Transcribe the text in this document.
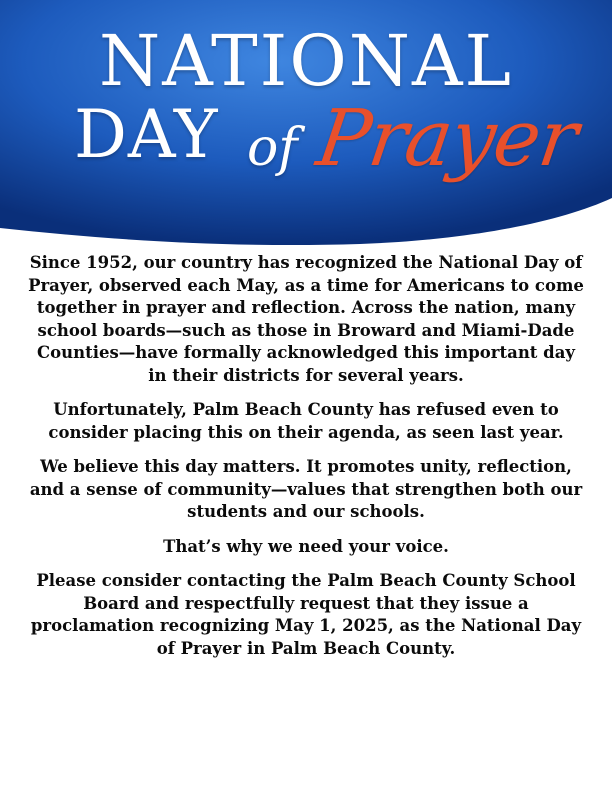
NATIONAL
DAY of Prayer

Since 1952, our country has recognized the National Day of Prayer, observed each May, as a time for Americans to come together in prayer and reflection. Across the nation, many school boards—such as those in Broward and Miami-Dade Counties—have formally acknowledged this important day in their districts for several years.

Unfortunately, Palm Beach County has refused even to consider placing this on their agenda, as seen last year.

We believe this day matters. It promotes unity, reflection, and a sense of community—values that strengthen both our students and our schools.

That’s why we need your voice.

Please consider contacting the Palm Beach County School Board and respectfully request that they issue a proclamation recognizing May 1, 2025, as the National Day of Prayer in Palm Beach County.
